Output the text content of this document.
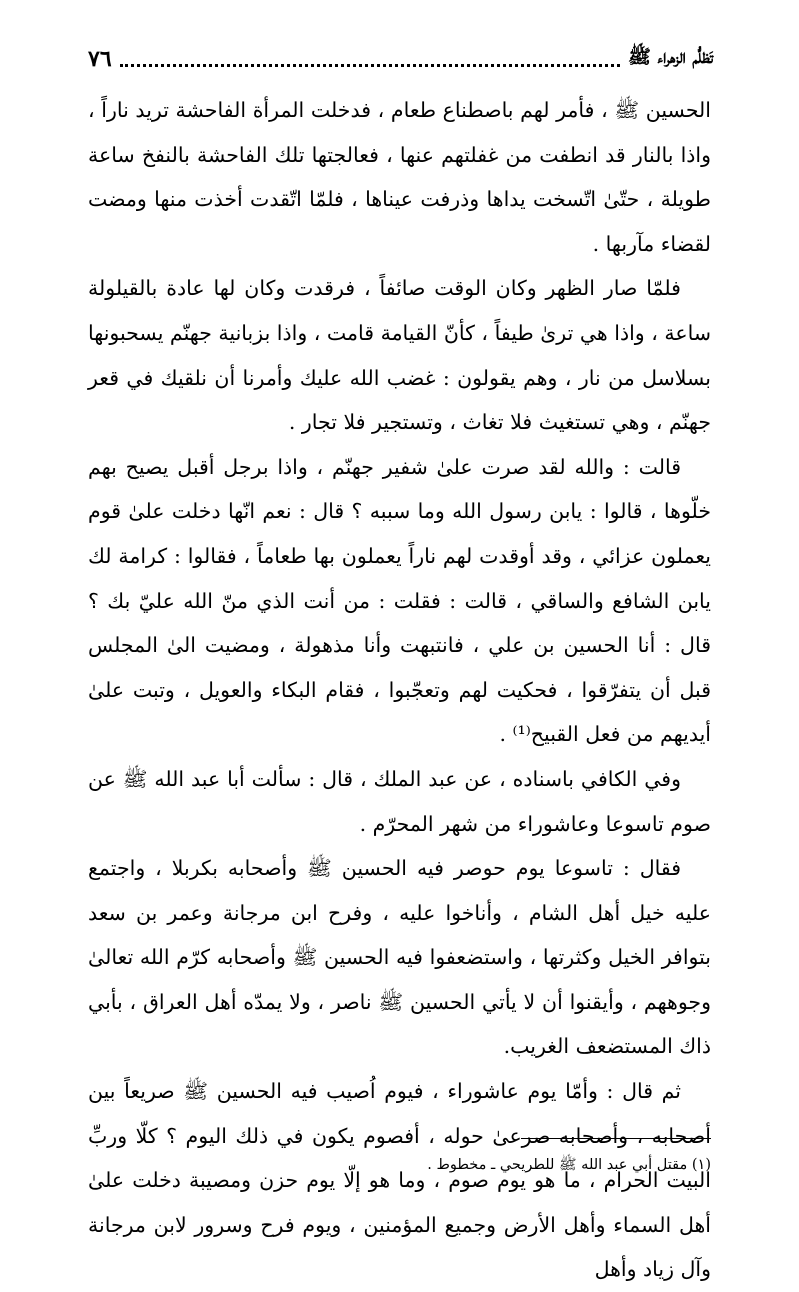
تَظلُّم الزهراء ﷺ
٧٦

الحسين ﷺ ، فأمر لهم باصطناع طعام ، فدخلت المرأة الفاحشة تريد ناراً ، واذا بالنار قد انطفت من غفلتهم عنها ، فعالجتها تلك الفاحشة بالنفخ ساعة طويلة ، حتّىٰ اتّسخت يداها وذرفت عيناها ، فلمّا اتّقدت أخذت منها ومضت لقضاء مآربها .

فلمّا صار الظهر وكان الوقت صائفاً ، فرقدت وكان لها عادة بالقيلولة ساعة ، واذا هي ترىٰ طيفاً ، كأنّ القيامة قامت ، واذا بزبانية جهنّم يسحبونها بسلاسل من نار ، وهم يقولون : غضب الله عليك وأمرنا أن نلقيك في قعر جهنّم ، وهي تستغيث فلا تغاث ، وتستجير فلا تجار .

قالت : والله لقد صرت علىٰ شفير جهنّم ، واذا برجل أقبل يصيح بهم خلّوها ، قالوا : يابن رسول الله وما سببه ؟ قال : نعم انّها دخلت علىٰ قوم يعملون عزائي ، وقد أوقدت لهم ناراً يعملون بها طعاماً ، فقالوا : كرامة لك يابن الشافع والساقي ، قالت : فقلت : من أنت الذي منّ الله عليّ بك ؟ قال : أنا الحسين بن علي ، فانتبهت وأنا مذهولة ، ومضيت الىٰ المجلس قبل أن يتفرّقوا ، فحكيت لهم وتعجّبوا ، فقام البكاء والعويل ، وتبت علىٰ أيديهم من فعل القبيح⁽¹⁾ .

وفي الكافي باسناده ، عن عبد الملك ، قال : سألت أبا عبد الله ﷺ عن صوم تاسوعا وعاشوراء من شهر المحرّم .

فقال : تاسوعا يوم حوصر فيه الحسين ﷺ وأصحابه بكربلا ، واجتمع عليه خيل أهل الشام ، وأناخوا عليه ، وفرح ابن مرجانة وعمر بن سعد بتوافر الخيل وكثرتها ، واستضعفوا فيه الحسين ﷺ وأصحابه كرّم الله تعالىٰ وجوههم ، وأيقنوا أن لا يأتي الحسين ﷺ ناصر ، ولا يمدّه أهل العراق ، بأبي ذاك المستضعف الغريب.

ثم قال : وأمّا يوم عاشوراء ، فيوم اُصيب فيه الحسين ﷺ صريعاً بين أصحابه ، وأصحابه صرعىٰ حوله ، أفصوم يكون في ذلك اليوم ؟ كلّا وربِّ البيت الحرام ، ما هو يوم صوم ، وما هو إلّا يوم حزن ومصيبة دخلت علىٰ أهل السماء وأهل الأرض وجميع المؤمنين ، ويوم فرح وسرور لابن مرجانة وآل زياد وأهل

(١) مقتل أبي عبد الله ﷺ للطريحي ـ مخطوط .
